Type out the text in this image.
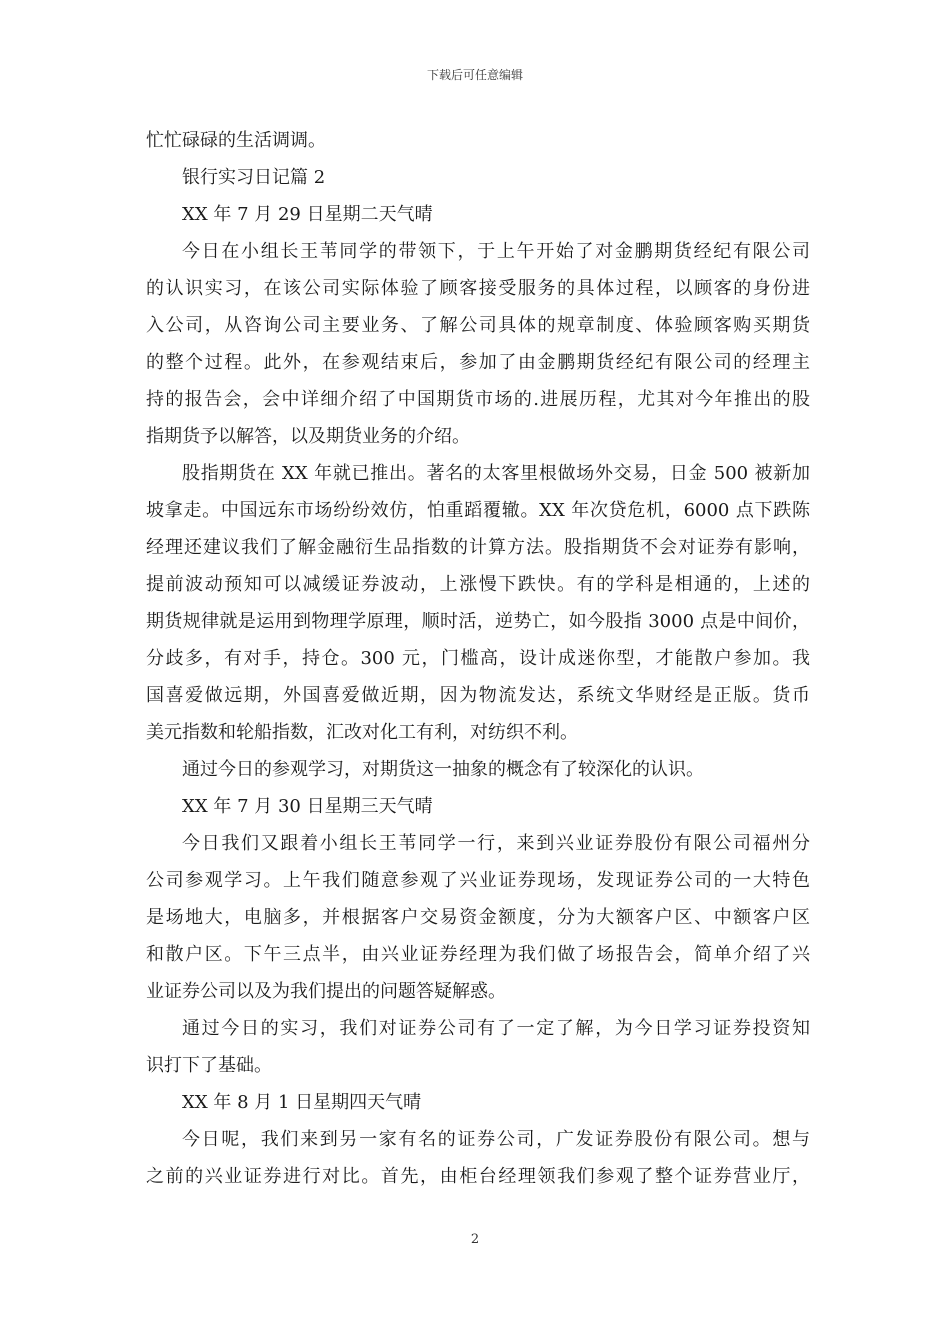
下载后可任意编辑
忙忙碌碌的生活调调。
银行实习日记篇 2
XX 年 7 月 29 日星期二天气晴
今日在小组长王苇同学的带领下，于上午开始了对金鹏期货经纪有限公司
的认识实习，在该公司实际体验了顾客接受服务的具体过程，以顾客的身份进
入公司，从咨询公司主要业务、了解公司具体的规章制度、体验顾客购买期货
的整个过程。此外，在参观结束后，参加了由金鹏期货经纪有限公司的经理主
持的报告会，会中详细介绍了中国期货市场的.进展历程，尤其对今年推出的股
指期货予以解答，以及期货业务的介绍。
股指期货在 XX 年就已推出。著名的太客里根做场外交易，日金 500 被新加
坡拿走。中国远东市场纷纷效仿，怕重蹈覆辙。XX 年次贷危机，6000 点下跌陈
经理还建议我们了解金融衍生品指数的计算方法。股指期货不会对证券有影响，
提前波动预知可以减缓证券波动，上涨慢下跌快。有的学科是相通的，上述的
期货规律就是运用到物理学原理，顺时活，逆势亡，如今股指 3000 点是中间价，
分歧多，有对手，持仓。300 元，门槛高，设计成迷你型，才能散户参加。我
国喜爱做远期，外国喜爱做近期，因为物流发达，系统文华财经是正版。货币
美元指数和轮船指数，汇改对化工有利，对纺织不利。
通过今日的参观学习，对期货这一抽象的概念有了较深化的认识。
XX 年 7 月 30 日星期三天气晴
今日我们又跟着小组长王苇同学一行，来到兴业证券股份有限公司福州分
公司参观学习。上午我们随意参观了兴业证券现场，发现证券公司的一大特色
是场地大，电脑多，并根据客户交易资金额度，分为大额客户区、中额客户区
和散户区。下午三点半，由兴业证券经理为我们做了场报告会，简单介绍了兴
业证券公司以及为我们提出的问题答疑解惑。
通过今日的实习，我们对证券公司有了一定了解，为今日学习证券投资知
识打下了基础。
XX 年 8 月 1 日星期四天气晴
今日呢，我们来到另一家有名的证券公司，广发证券股份有限公司。想与
之前的兴业证券进行对比。首先，由柜台经理领我们参观了整个证券营业厅，
2
